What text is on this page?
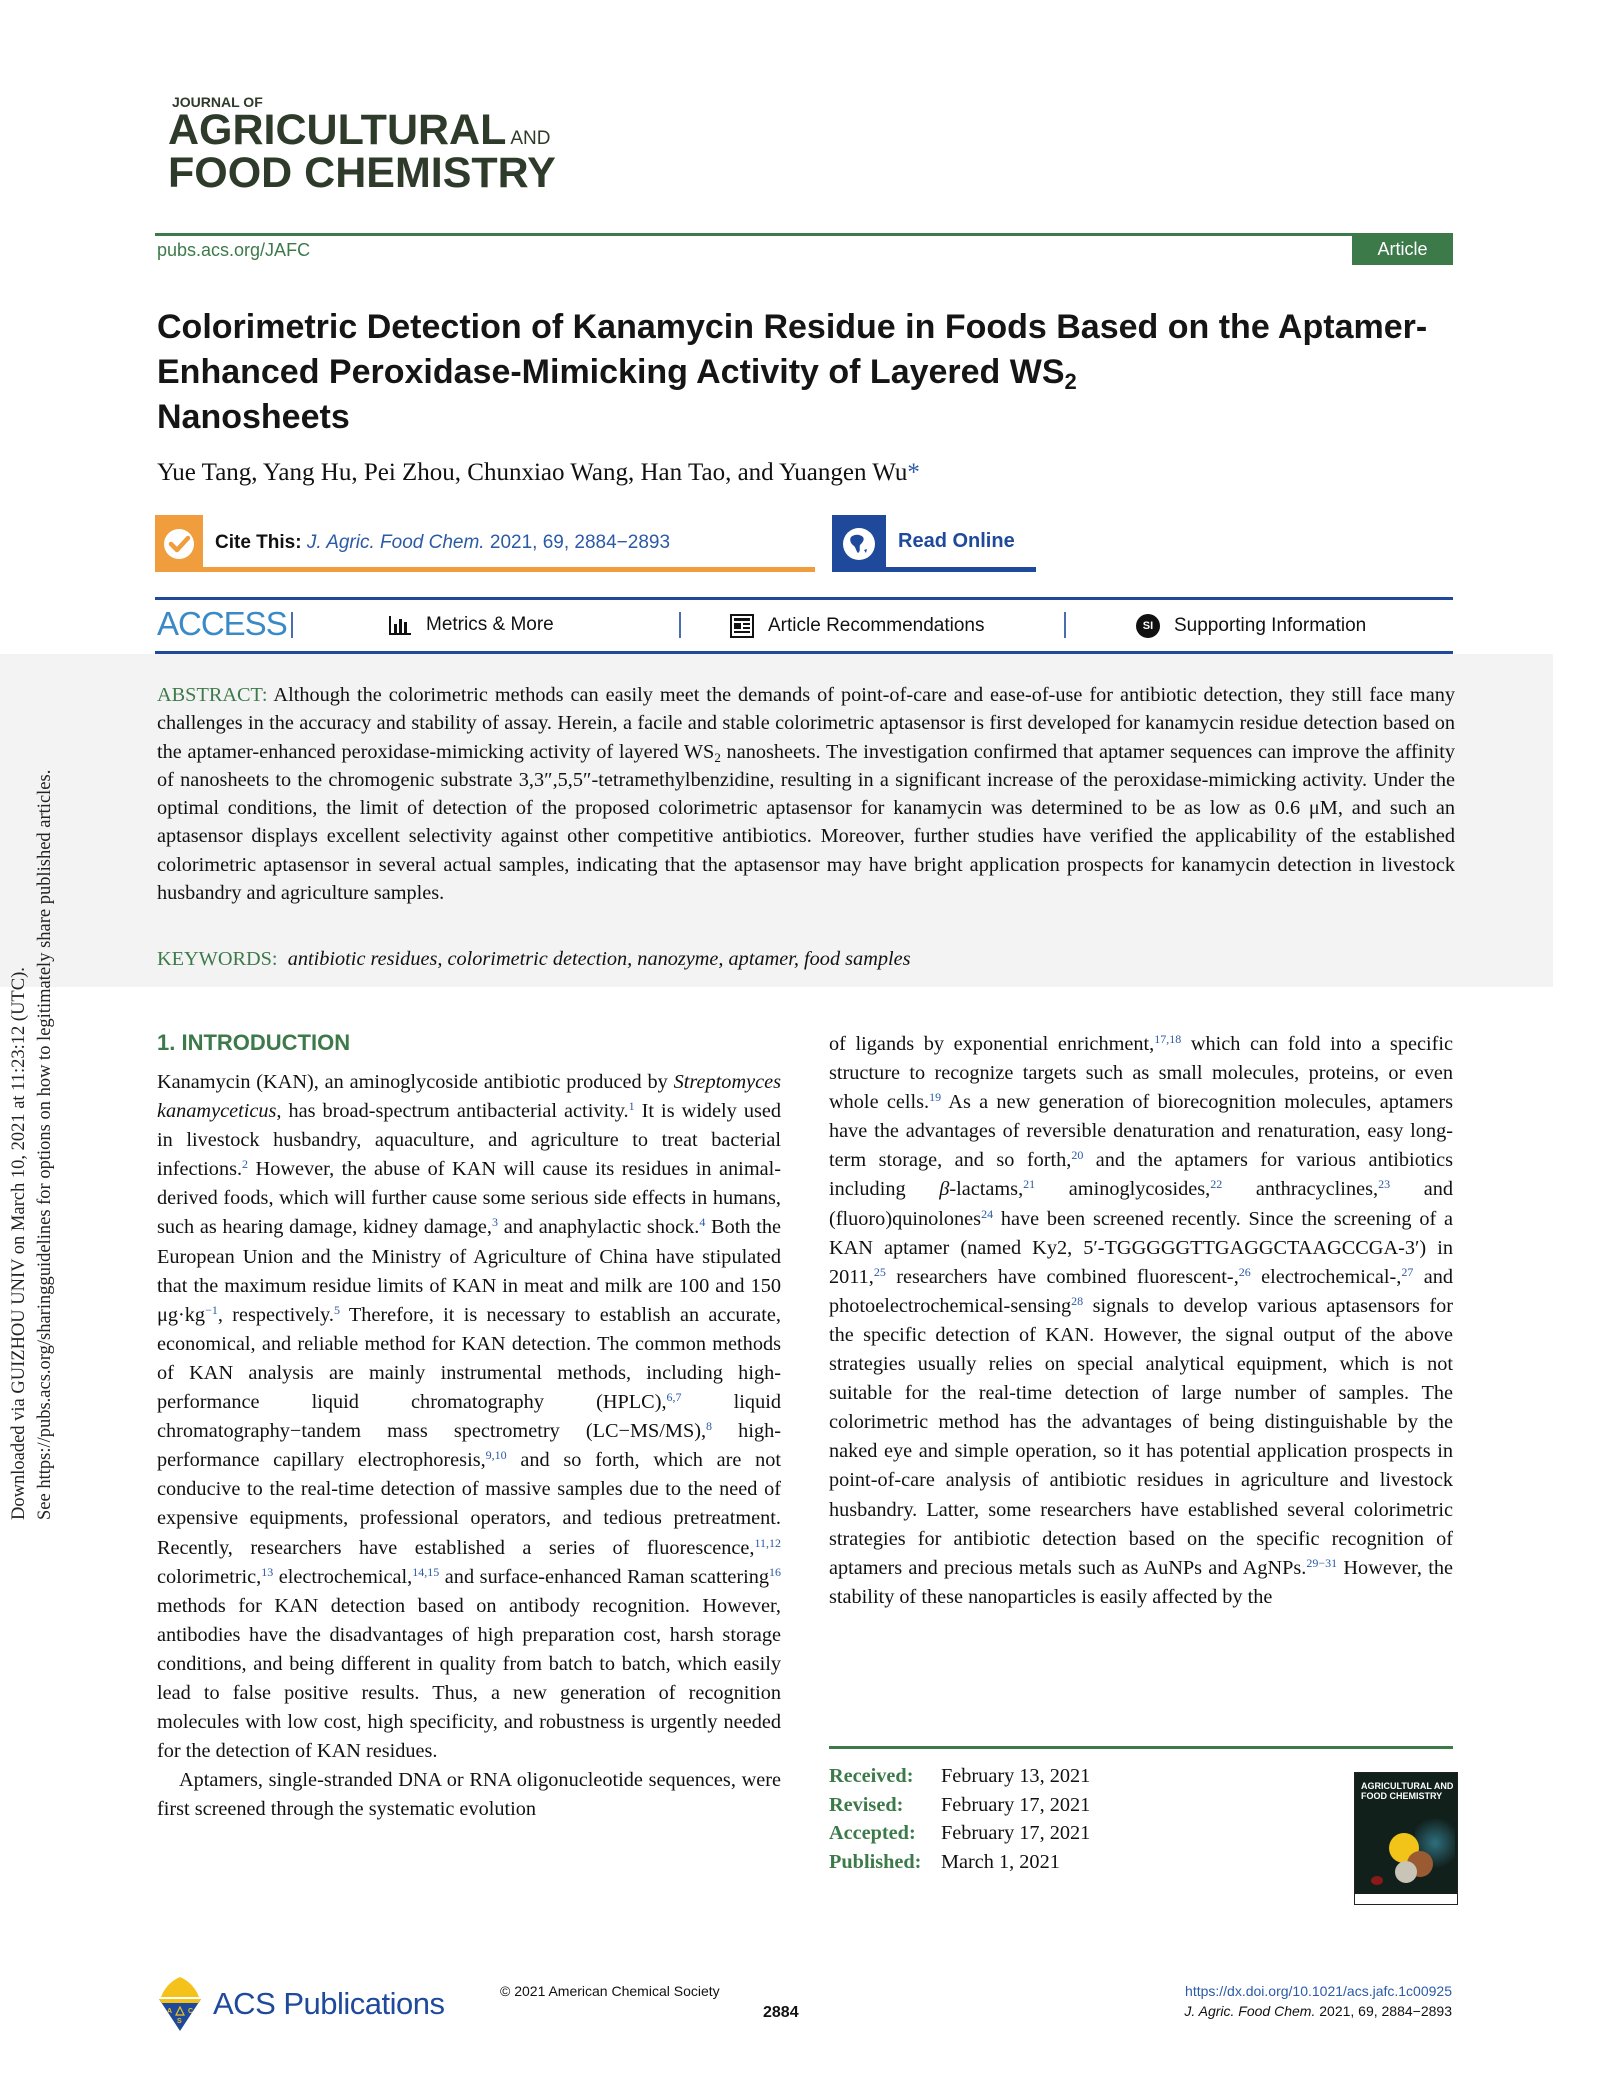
JOURNAL OF
AGRICULTURAL AND
FOOD CHEMISTRY
pubs.acs.org/JAFC	Article
Colorimetric Detection of Kanamycin Residue in Foods Based on the Aptamer-Enhanced Peroxidase-Mimicking Activity of Layered $WS_2$
Nanosheets
Yue Tang, Yang Hu, Pei Zhou, Chunxiao Wang, Han Tao, and Yuangen Wu*
Cite This: J. Agric. Food Chem. 2021, 69, 2884−2893	Read Online
ACCESS	Metrics & More	Article Recommendations	SI	Supporting Information
ABSTRACT: Although the colorimetric methods can easily meet the demands of point-of-care and ease-of-use for antibiotic detection, they still face many challenges in the accuracy and stability of assay. Herein, a facile and stable colorimetric aptasensor is first developed for kanamycin residue detection based on the aptamer-enhanced peroxidase-mimicking activity of layered $WS_2$ nanosheets. The investigation confirmed that aptamer sequences can improve the affinity of nanosheets to the chromogenic substrate 3,3″,5,5″-tetramethylbenzidine, resulting in a significant increase of the peroxidase-mimicking activity. Under the optimal conditions, the limit of detection of the proposed colorimetric aptasensor for kanamycin was determined to be as low as 0.6 μM, and such an aptasensor displays excellent selectivity against other competitive antibiotics. Moreover, further studies have verified the applicability of the established colorimetric aptasensor in several actual samples, indicating that the aptasensor may have bright application prospects for kanamycin detection in livestock husbandry and agriculture samples.
KEYWORDS: antibiotic residues, colorimetric detection, nanozyme, aptamer, food samples
Downloaded via GUIZHOU UNIV on March 10, 2021 at 11:23:12 (UTC). See https://pubs.acs.org/sharingguidelines for options on how to legitimately share published articles.	1. INTRODUCTION

Kanamycin (KAN), an aminoglycoside antibiotic produced by Streptomyces kanamyceticus, has broad-spectrum antibacterial activity.$^1$ It is widely used in livestock husbandry, aquaculture, and agriculture to treat bacterial infections.$^2$ However, the abuse of KAN will cause its residues in animal-derived foods, which will further cause some serious side effects in humans, such as hearing damage, kidney damage,$^3$ and anaphylactic shock.$^4$ Both the European Union and the Ministry of Agriculture of China have stipulated that the maximum residue limits of KAN in meat and milk are 100 and 150 $\mu g\cdot kg^{-1}$, respectively.$^5$ Therefore, it is necessary to establish an accurate, economical, and reliable method for KAN detection. The common methods of KAN analysis are mainly instrumental methods, including high-performance liquid chromatography (HPLC),$^{6,7}$ liquid chromatography−tandem mass spectrometry (LC−MS/MS),$^8$ high-performance capillary electrophoresis,$^{9,10}$ and so forth, which are not conducive to the real-time detection of massive samples due to the need of expensive equipments, professional operators, and tedious pretreatment. Recently, researchers have established a series of fluorescence,$^{11,12}$ colorimetric,$^{13}$ electrochemical,$^{14,15}$ and surface-enhanced Raman scattering$^{16}$ methods for KAN detection based on antibody recognition. However, antibodies have the disadvantages of high preparation cost, harsh storage conditions, and being different in quality from batch to batch, which easily lead to false positive results. Thus, a new generation of recognition molecules with low cost, high specificity, and robustness is urgently needed for the detection of KAN residues.

Aptamers, single-stranded DNA or RNA oligonucleotide sequences, were first screened through the systematic evolution

of ligands by exponential enrichment,$^{17,18}$ which can fold into a specific structure to recognize targets such as small molecules, proteins, or even whole cells.$^{19}$ As a new generation of biorecognition molecules, aptamers have the advantages of reversible denaturation and renaturation, easy long-term storage, and so forth,$^{20}$ and the aptamers for various antibiotics including β-lactams,$^{21}$ aminoglycosides,$^{22}$ anthracyclines,$^{23}$ and (fluoro)quinolones$^{24}$ have been screened recently. Since the screening of a KAN aptamer (named Ky2, 5′-TGGGGGTTGAGGCTAAGCCGA-3′) in 2011,25 researchers have combined fluorescent-,$^{26}$ electrochemical-,$^{27}$ and photoelectrochemical-sensing$^{28}$ signals to develop various aptasensors for the specific detection of KAN. However, the signal output of the above strategies usually relies on special analytical equipment, which is not suitable for the real-time detection of large number of samples. The colorimetric method has the advantages of being distinguishable by the naked eye and simple operation, so it has potential application prospects in point-of-care analysis of antibiotic residues in agriculture and livestock husbandry. Latter, some researchers have established several colorimetric strategies for antibiotic detection based on the specific recognition of aptamers and precious metals such as AuNPs and AgNPs.$^{29-31}$ However, the stability of these nanoparticles is easily affected by the

Received:	February 13, 2021
Revised:	February 17, 2021
Accepted:	February 17, 2021
Published: March 1, 2021
AGRICULTURAL AND
FOOD CHEMISTRY
A C
S
ACS Publications	© 2021 American Chemical Society
2884
https://dx.doi.org/10.1021/acs.jafc.1c00925
J. Agric. Food Chem. 2021, 69, 2884−2893
